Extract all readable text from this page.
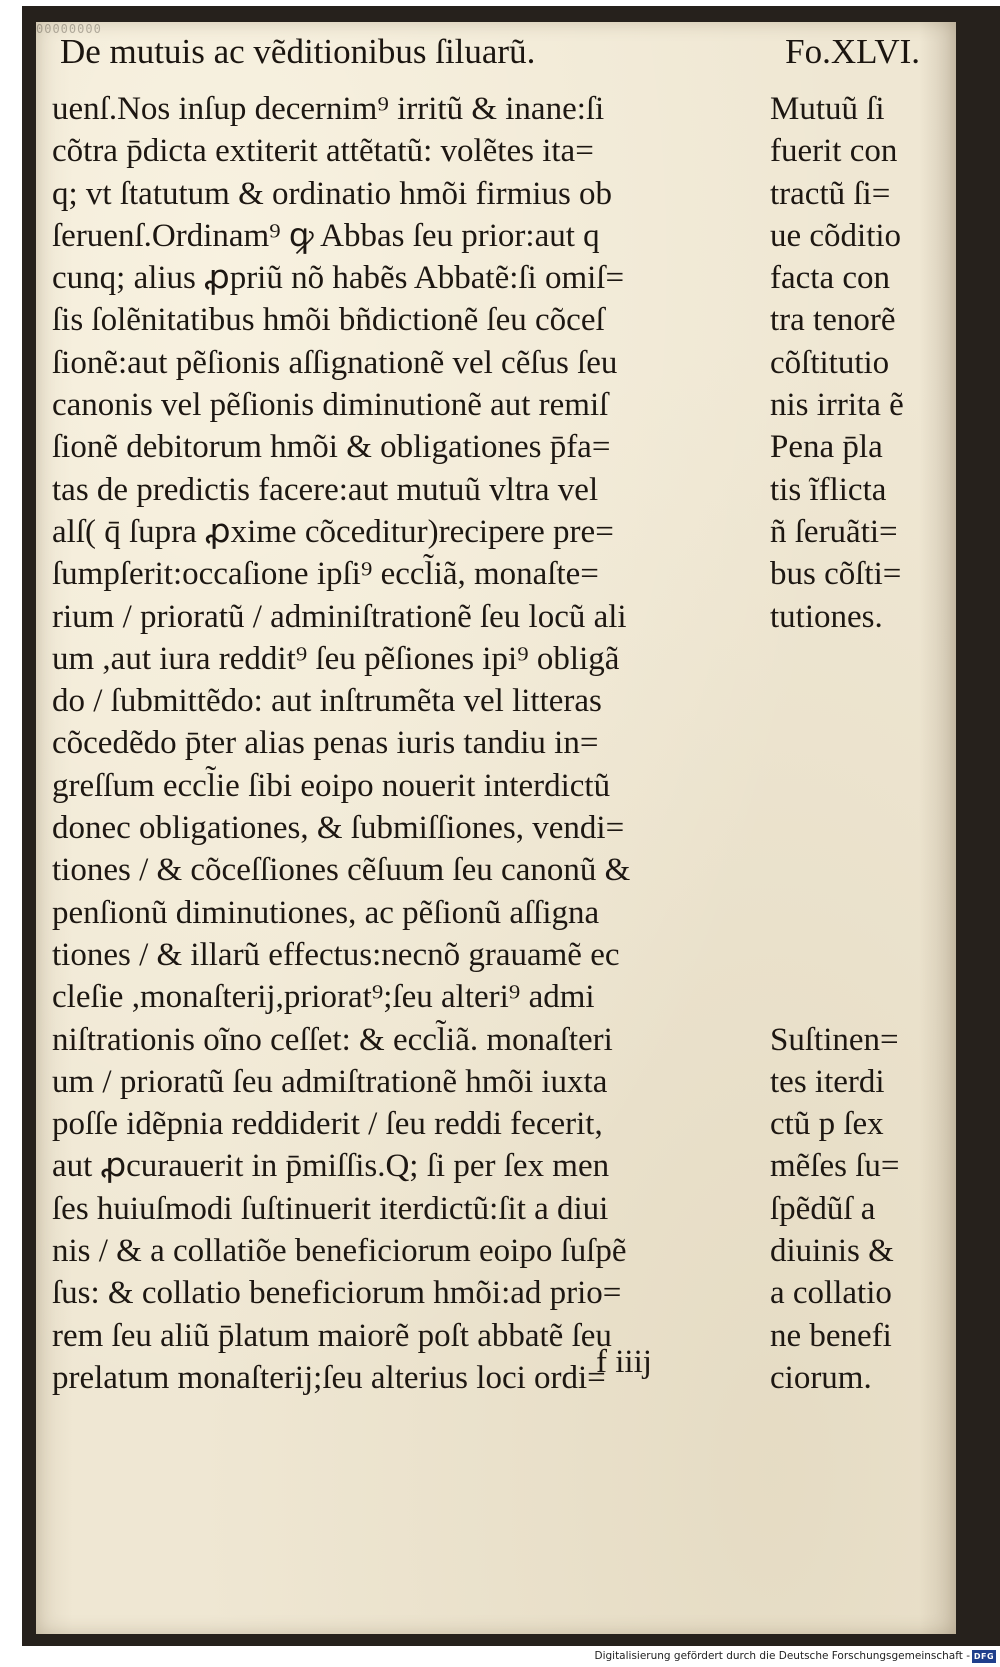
00000000
De mutuis ac vẽditionibus ſiluarũ.	Fo.XLVI.
uenſ.Nos inſup decernim⁹ irritũ & inane:ſi
cõtra p̄dicta extiterit attẽtatũ: volẽtes ita=
q; vt ſtatutum & ordinatio hmõi firmius ob
ſeruenſ.Ordinam⁹ ꝙ Abbas ſeu prior:aut q
cunq; alius ꝓpriũ nõ habẽs Abbatẽ:ſi omiſ=
ſis ſolẽnitatibus hmõi bñdictionẽ ſeu cõceſ
ſionẽ:aut pẽſionis aſſignationẽ vel cẽſus ſeu
canonis vel pẽſionis diminutionẽ aut remiſ
ſionẽ debitorum hmõi & obligationes p̄fa=
tas de predictis facere:aut mutuũ vltra vel
alſ( q̄ ſupra ꝓxime cõceditur)recipere pre=
ſumpſerit:occaſione ipſi⁹ eccl̃iã, monaſte=
rium / prioratũ / adminiſtrationẽ ſeu locũ ali
um ,aut iura reddit⁹ ſeu pẽſiones ipi⁹ obligã
do / ſubmittẽdo: aut inſtrumẽta vel litteras
cõcedẽdo p̄ter alias penas iuris tandiu in=
greſſum eccl̃ie ſibi eoipo nouerit interdictũ
donec obligationes, & ſubmiſſiones, vendi=
tiones / & cõceſſiones cẽſuum ſeu canonũ &
penſionũ diminutiones, ac pẽſionũ aſſigna
tiones / & illarũ effectus:necnõ grauamẽ ec
cleſie ,monaſterij,priorat⁹;ſeu alteri⁹ admi
niſtrationis oĩno ceſſet: & eccl̃iã. monaſteri
um / prioratũ ſeu admiſtrationẽ hmõi iuxta
poſſe idẽpnia reddiderit / ſeu reddi fecerit,
aut ꝓcurauerit in p̄miſſis.Q; ſi per ſex men
ſes huiuſmodi ſuſtinuerit iterdictũ:ſit a diui
nis / & a collatiõe beneficiorum eoipo ſuſpẽ
ſus: & collatio beneficiorum hmõi:ad prio=
rem ſeu aliũ p̄latum maiorẽ poſt abbatẽ ſeu
prelatum monaſterij;ſeu alterius loci ordi=
Mutuũ ſi
fuerit con
tractũ ſi=
ue cõditio
facta con
tra tenorẽ
cõſtitutio
nis irrita ẽ
Pena p̄la
tis ĩflicta
ñ ſeruãti=
bus cõſti=
tutiones.
Suſtinen=
tes iterdi
ctũ p ſex
mẽſes ſu=
ſpẽdũſ a
diuinis &
a collatio
ne benefi
ciorum.
f iiij
Digitalisierung gefördert durch die Deutsche Forschungsgemeinschaft - DFG
